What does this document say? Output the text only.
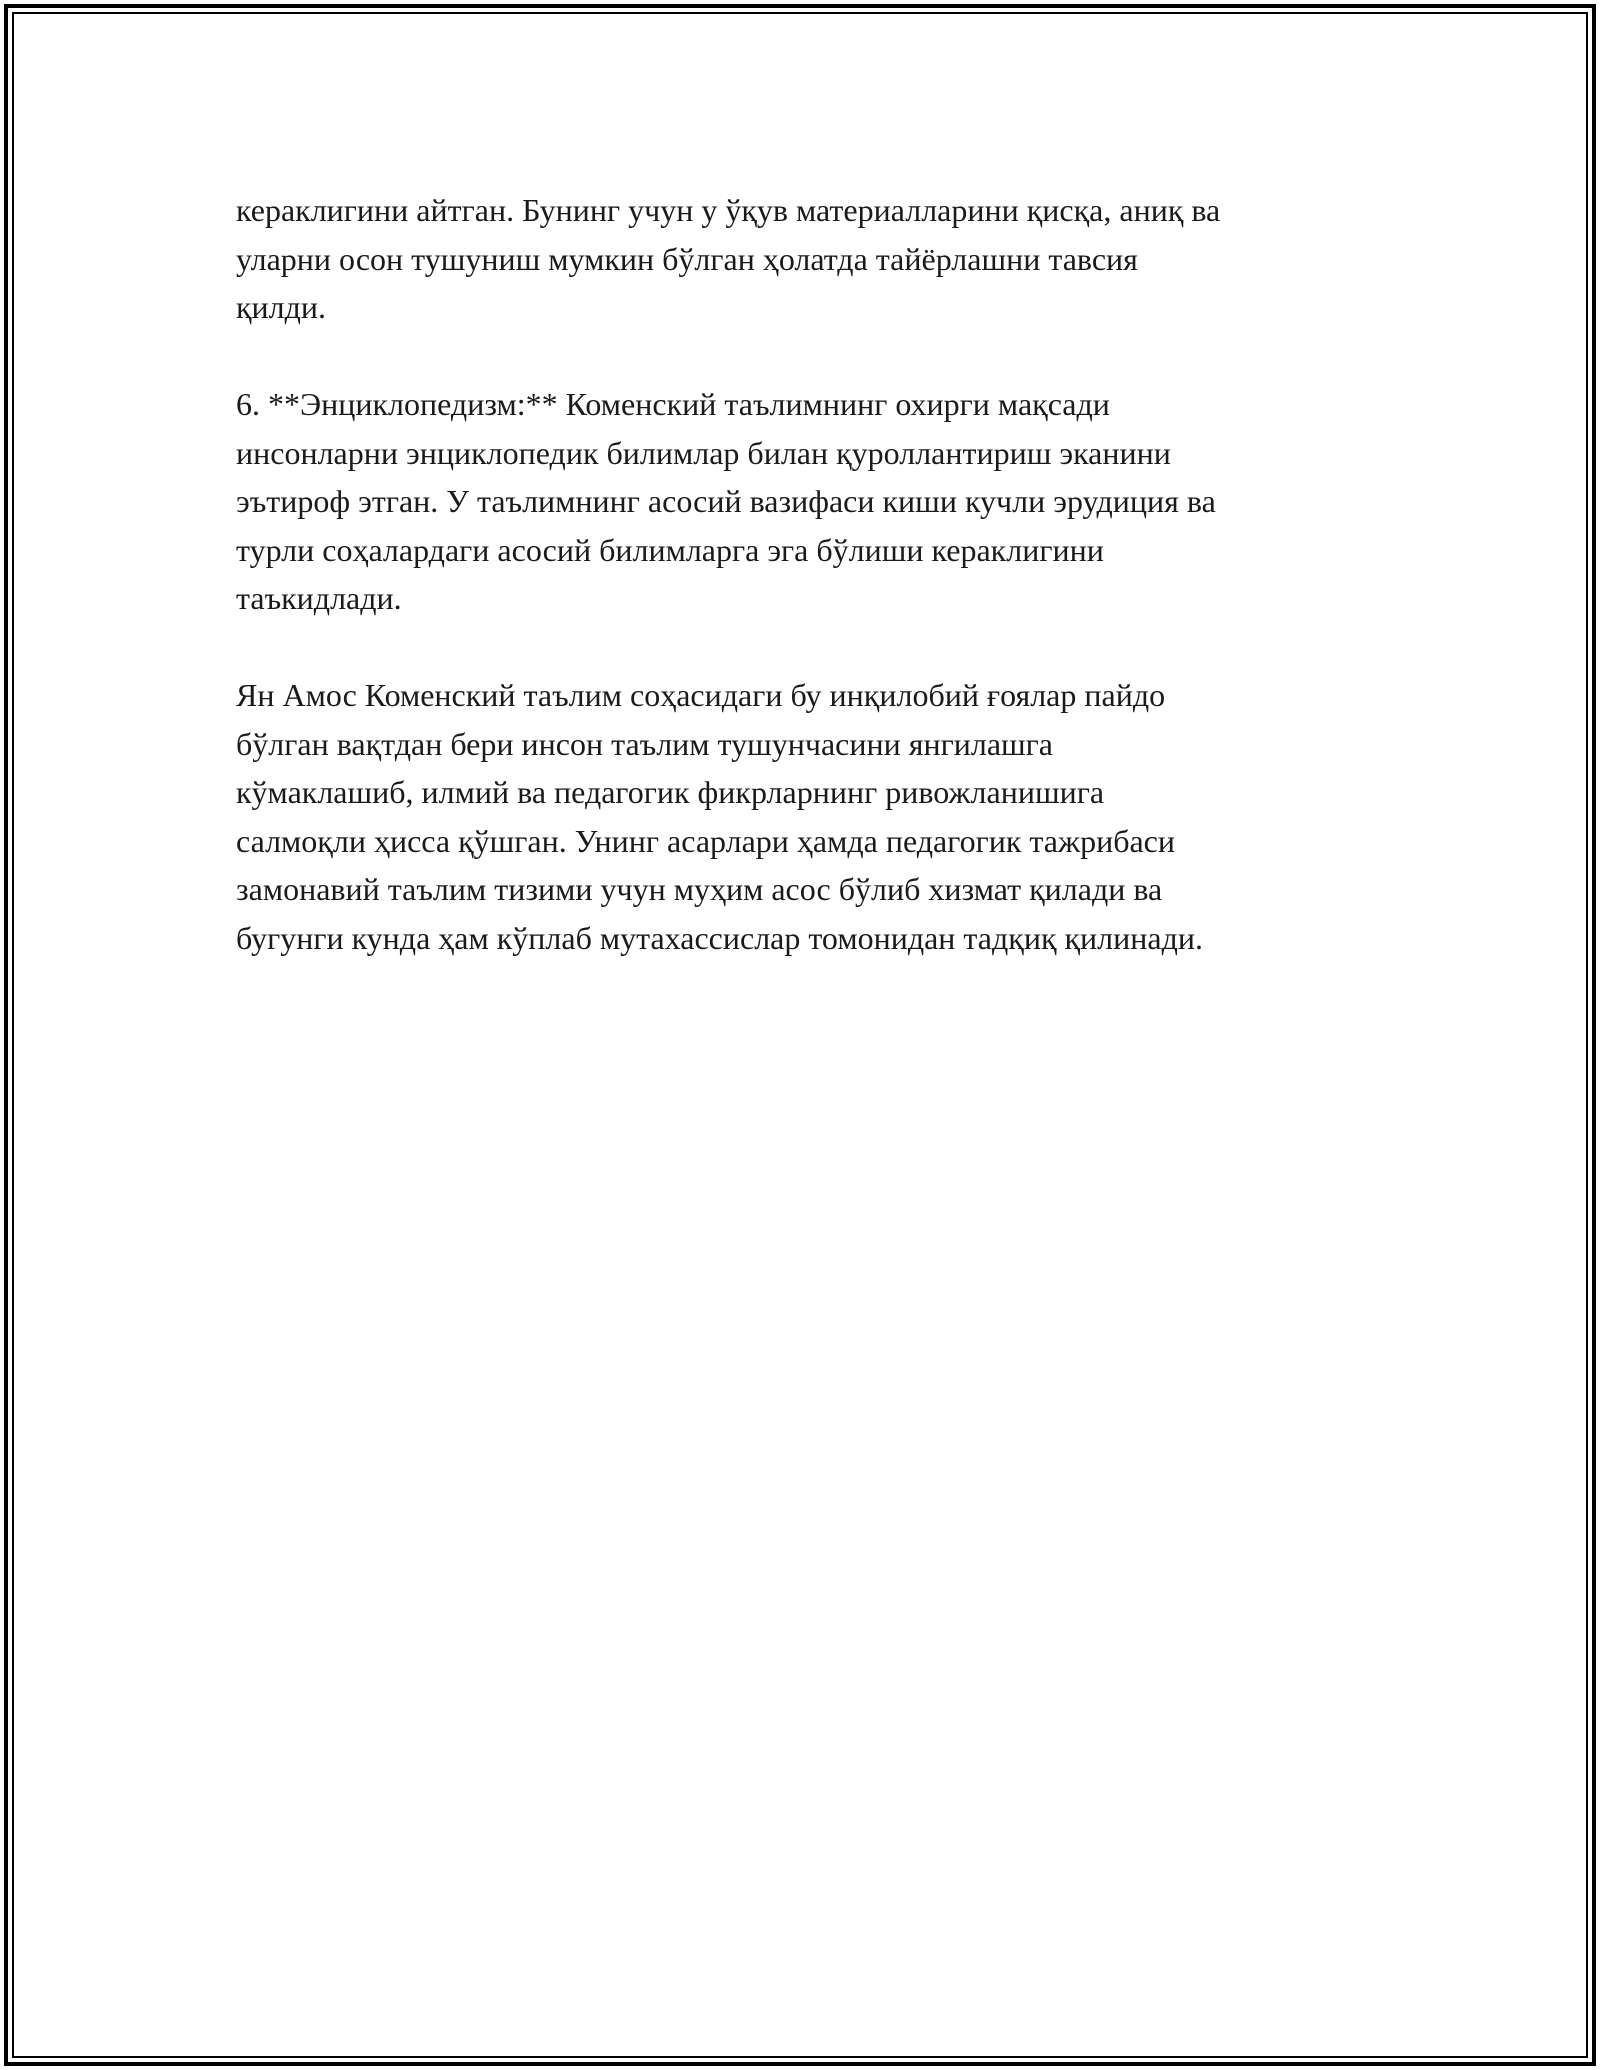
кераклигини айтган. Бунинг учун у ўқув материалларини қисқа, аниқ ва
уларни осон тушуниш мумкин бўлган ҳолатда тайёрлашни тавсия
қилди.

6. **Энциклопедизм:** Коменский таълимнинг охирги мақсади
инсонларни энциклопедик билимлар билан қуроллантириш эканини
эътироф этган. У таълимнинг асосий вазифаси киши кучли эрудиция ва
турли соҳалардаги асосий билимларга эга бўлиши кераклигини
таъкидлади.

Ян Амос Коменский таълим соҳасидаги бу инқилобий ғоялар пайдо
бўлган вақтдан бери инсон таълим тушунчасини янгилашга
кўмаклашиб, илмий ва педагогик фикрларнинг ривожланишига
салмоқли ҳисса қўшган. Унинг асарлари ҳамда педагогик тажрибаси
замонавий таълим тизими учун муҳим асос бўлиб хизмат қилади ва
бугунги кунда ҳам кўплаб мутахассислар томонидан тадқиқ қилинади.
